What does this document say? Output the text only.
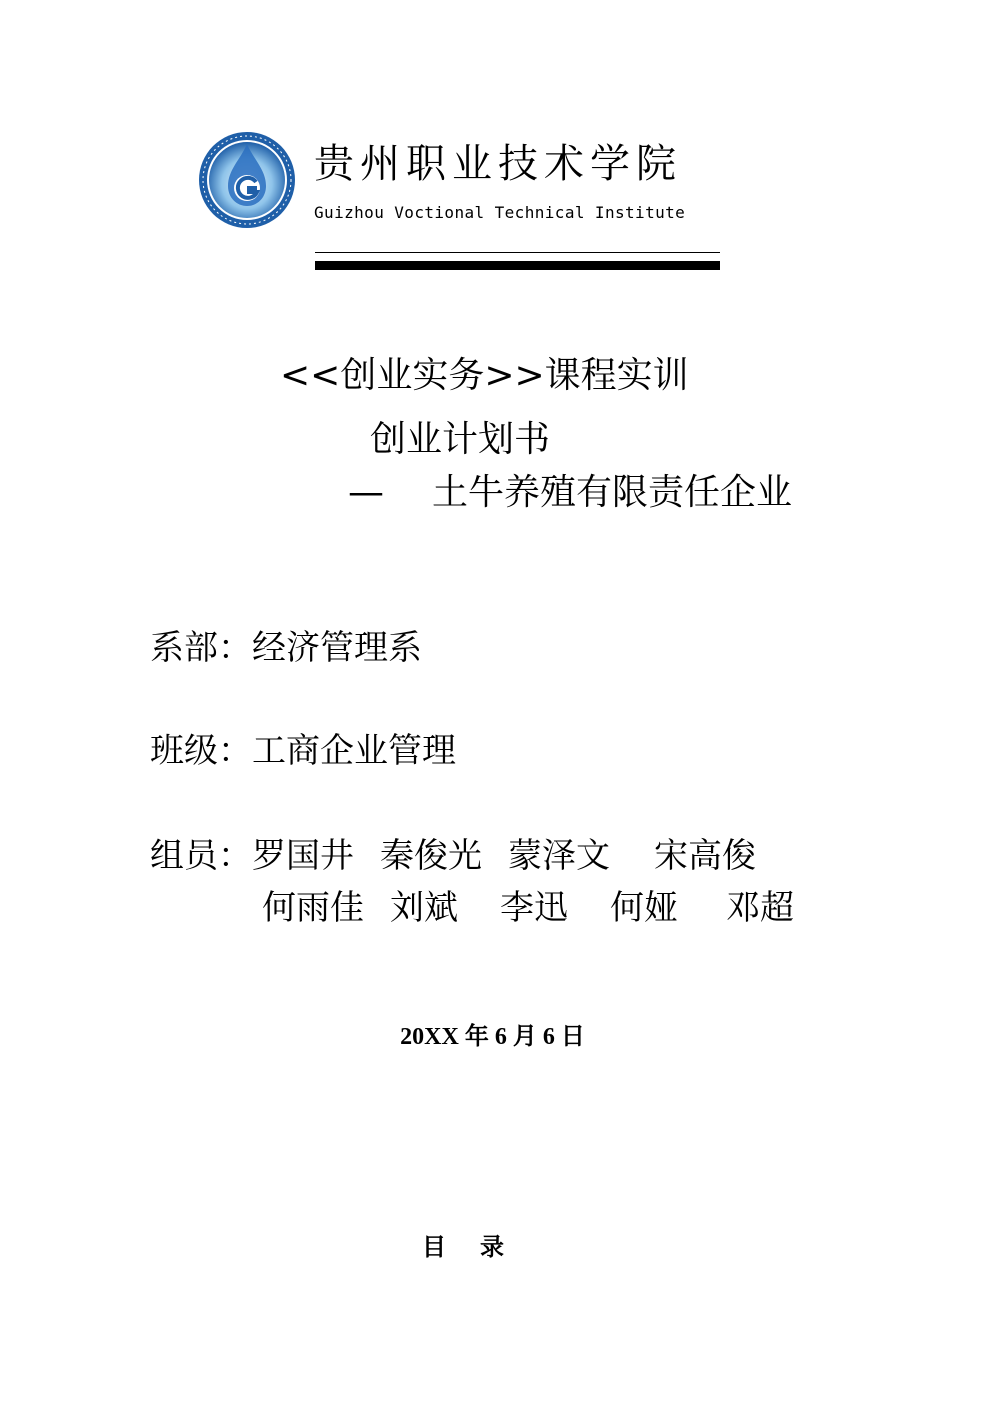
贵州职业技术学院
Guizhou Voctional Technical Institute
<<创业实务>>课程实训
创业计划书
— 土牛养殖有限责任企业
系部：经济管理系
班级：工商企业管理
组员：罗国井 秦俊光 蒙泽文 宋高俊
何雨佳 刘斌 李迅 何娅 邓超
20XX 年 6 月 6 日
目录
